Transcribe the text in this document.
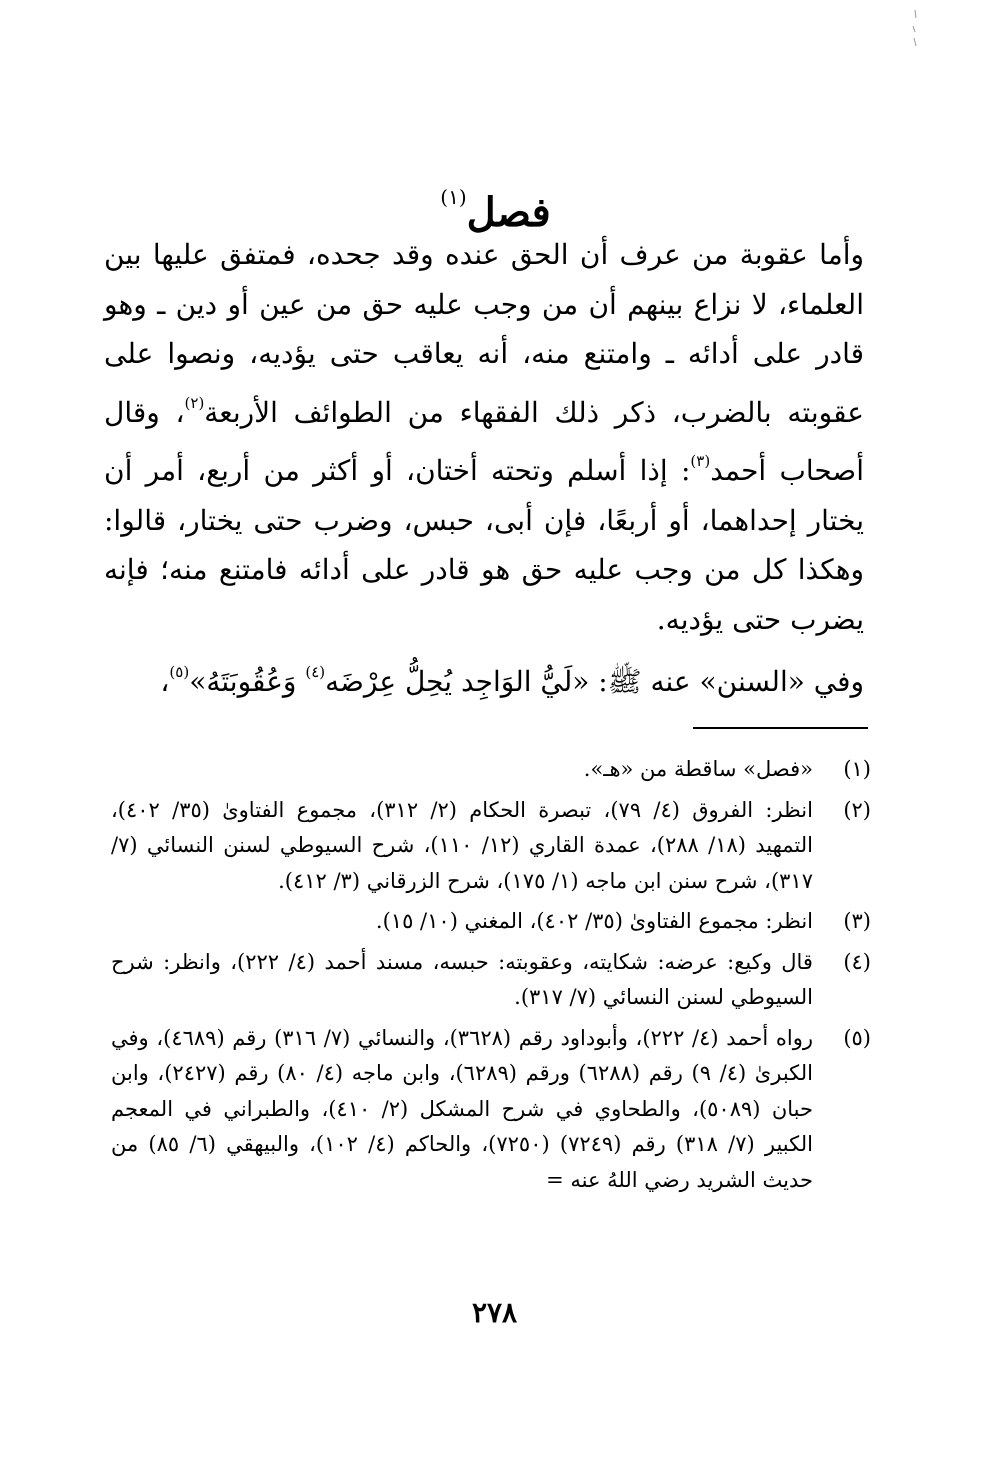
فصل$^{(١)}$

وأما عقوبة من عرف أن الحق عنده وقد جحده، فمتفق عليها بين العلماء، لا نزاع بينهم أن من وجب عليه حق من عين أو دين ـ وهو قادر على أدائه ـ وامتنع منه، أنه يعاقب حتى يؤديه، ونصوا على عقوبته بالضرب، ذكر ذلك الفقهاء من الطوائف الأربعة$^{(٢)}$، وقال أصحاب أحمد$^{(٣)}$: إذا أسلم وتحته أختان، أو أكثر من أربع، أمر أن يختار إحداهما، أو أربعًا، فإن أبى، حبس، وضرب حتى يختار، قالوا: وهكذا كل من وجب عليه حق هو قادر على أدائه فامتنع منه؛ فإنه يضرب حتى يؤديه.

وفي «السنن» عنه ﷺ: «لَيُّ الوَاجِد يُحِلُّ عِرْضَه$^{(٤)}$ وَعُقُوبَتَهُ»$^{(٥)}$،

(١)
«فصل» ساقطة من «هـ».
(٢)
انظر: الفروق (٤/ ٧٩)، تبصرة الحكام (٢/ ٣١٢)، مجموع الفتاوىٰ (٣٥/ ٤٠٢)، التمهيد (١٨/ ٢٨٨)، عمدة القاري (١٢/ ١١٠)، شرح السيوطي لسنن النسائي (٧/ ٣١٧)، شرح سنن ابن ماجه (١/ ١٧٥)، شرح الزرقاني (٣/ ٤١٢).
(٣)
انظر: مجموع الفتاوىٰ (٣٥/ ٤٠٢)، المغني (١٠/ ١٥).
(٤)
قال وكيع: عرضه: شكايته، وعقوبته: حبسه، مسند أحمد (٤/ ٢٢٢)، وانظر: شرح السيوطي لسنن النسائي (٧/ ٣١٧).
(٥)
رواه أحمد (٤/ ٢٢٢)، وأبوداود رقم (٣٦٢٨)، والنسائي (٧/ ٣١٦) رقم (٤٦٨٩)، وفي الكبرىٰ (٤/ ٩) رقم (٦٢٨٨) ورقم (٦٢٨٩)، وابن ماجه (٤/ ٨٠) رقم (٢٤٢٧)، وابن حبان (٥٠٨٩)، والطحاوي في شرح المشكل (٢/ ٤١٠)، والطبراني في المعجم الكبير (٧/ ٣١٨) رقم (٧٢٤٩) (٧٢٥٠)، والحاكم (٤/ ١٠٢)، والبيهقي (٦/ ٨٥) من حديث الشريد رضي اللهُ عنه =
٢٧٨
